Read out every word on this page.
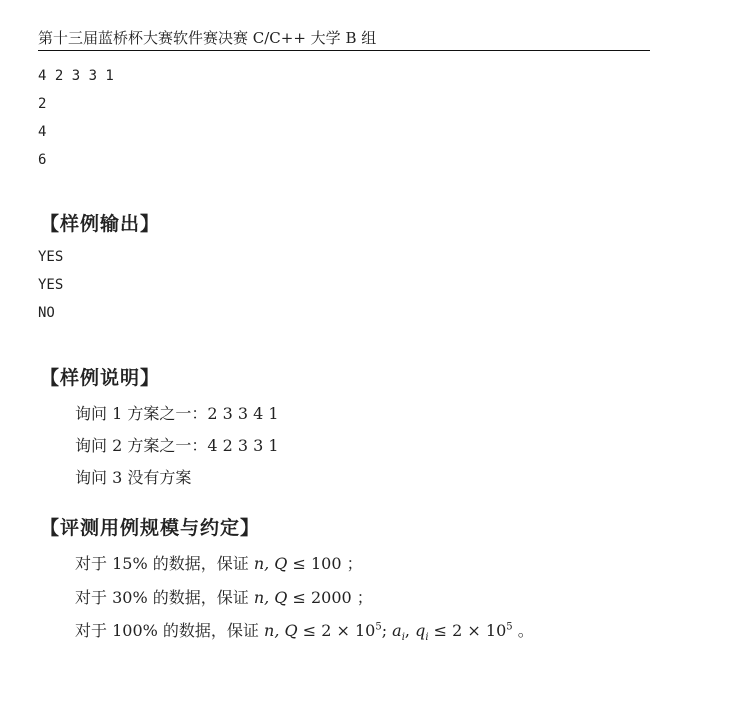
第十三届蓝桥杯大赛软件赛决赛 C/C++ 大学 B 组
4 2 3 3 1
2
4
6
【样例输出】
YES
YES
NO
【样例说明】
询问 1 方案之一：2 3 3 4 1
询问 2 方案之一：4 2 3 3 1
询问 3 没有方案
【评测用例规模与约定】
对于 15% 的数据，保证 n, Q ≤ 100 ；
对于 30% 的数据，保证 n, Q ≤ 2000 ；
对于 100% 的数据，保证 n, $Q \le 2 \times 10^5$; $a_i$, $q_i \le 2 \times 10^5$ 。
